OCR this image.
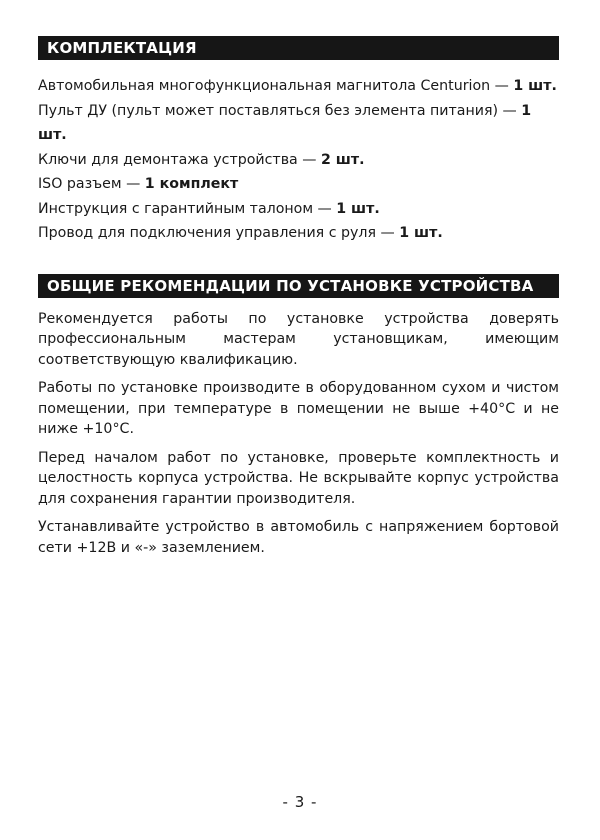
КОМПЛЕКТАЦИЯ
Автомобильная многофункциональная магнитола Centurion — 1 шт.
Пульт ДУ (пульт может поставляться без элемента питания) — 1 шт.
Ключи для демонтажа устройства — 2 шт.
ISO разъем — 1 комплект
Инструкция с гарантийным талоном — 1 шт.
Провод для подключения управления с руля — 1 шт.
ОБЩИЕ РЕКОМЕНДАЦИИ ПО УСТАНОВКЕ УСТРОЙСТВА

Рекомендуется работы по установке устройства доверять профессиональным мастерам установщикам, имеющим соответствующую квалификацию.

Работы по установке производите в оборудованном сухом и чистом помещении, при температуре в помещении не выше +40°С и не ниже +10°С.

Перед началом работ по установке, проверьте комплектность и целостность корпуса устройства. Не вскрывайте корпус устройства для сохранения гарантии производителя.

Устанавливайте устройство в автомобиль с напряжением бортовой сети +12В и «-» заземлением.

- 3 -
